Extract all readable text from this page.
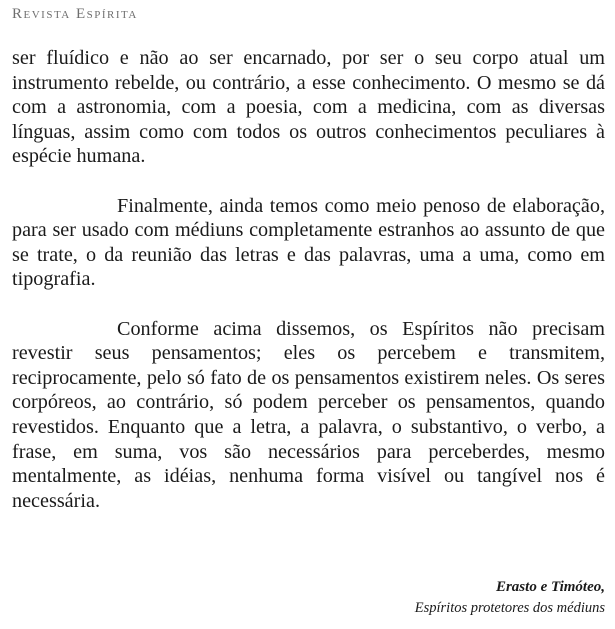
Revista Espírita

ser fluídico e não ao ser encarnado, por ser o seu corpo atual um instrumento rebelde, ou contrário, a esse conhecimento. O mesmo se dá com a astronomia, com a poesia, com a medicina, com as diversas línguas, assim como com todos os outros conhecimentos peculiares à espécie humana.

Finalmente, ainda temos como meio penoso de elaboração, para ser usado com médiuns completamente estranhos ao assunto de que se trate, o da reunião das letras e das palavras, uma a uma, como em tipografia.

Conforme acima dissemos, os Espíritos não precisam revestir seus pensamentos; eles os percebem e transmitem, reciprocamente, pelo só fato de os pensamentos existirem neles. Os seres corpóreos, ao contrário, só podem perceber os pensamentos, quando revestidos. Enquanto que a letra, a palavra, o substantivo, o verbo, a frase, em suma, vos são necessários para perceberdes, mesmo mentalmente, as idéias, nenhuma forma visível ou tangível nos é necessária.

Erasto e Timóteo,
Espíritos protetores dos médiuns
